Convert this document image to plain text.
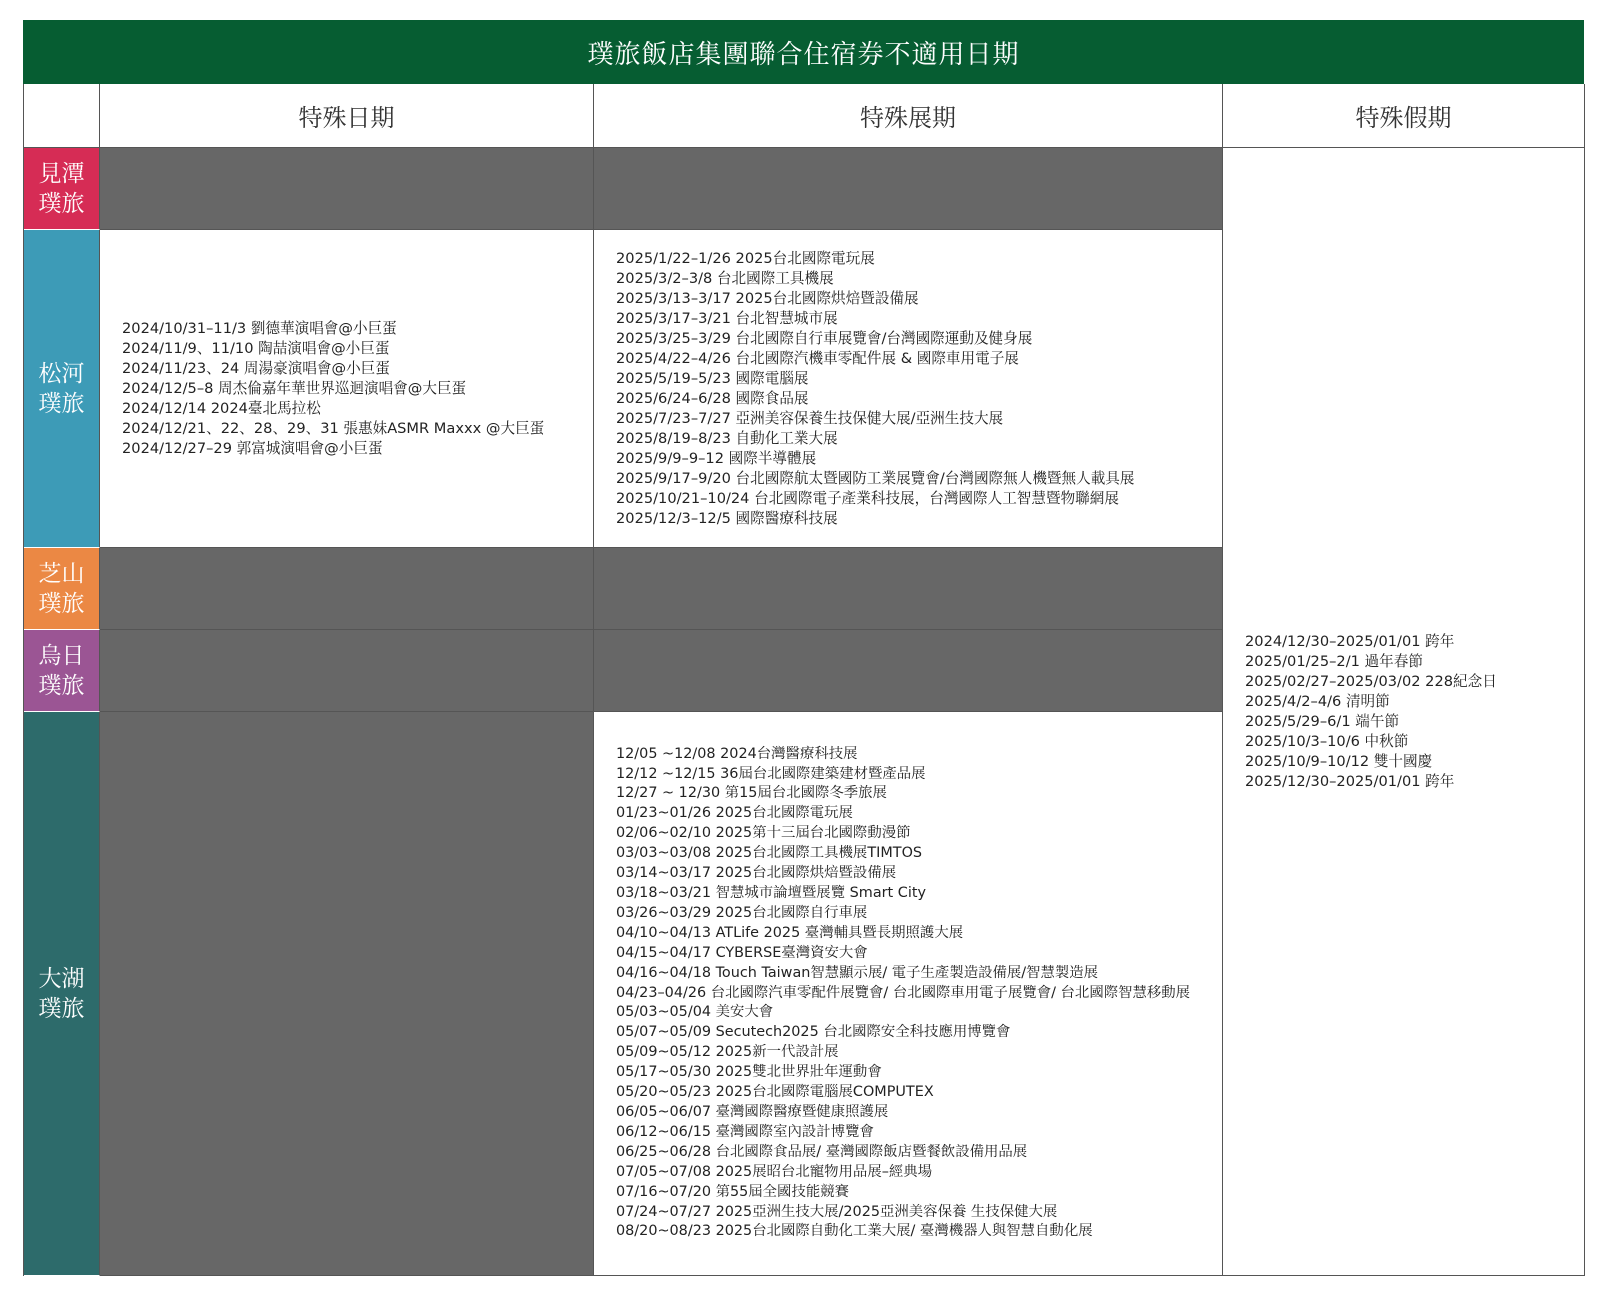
璞旅飯店集團聯合住宿券不適用日期
特殊日期	特殊展期	特殊假期
見潭
璞旅
松河
璞旅
2024/10/31–11/3 劉德華演唱會@小巨蛋
2024/11/9、11/10 陶喆演唱會@小巨蛋
2024/11/23、24 周湯豪演唱會@小巨蛋
2024/12/5–8 周杰倫嘉年華世界巡迴演唱會@大巨蛋
2024/12/14 2024臺北馬拉松
2024/12/21、22、28、29、31 張惠妹ASMR Maxxx @大巨蛋
2024/12/27–29 郭富城演唱會@小巨蛋
2025/1/22–1/26 2025台北國際電玩展
2025/3/2–3/8 台北國際工具機展
2025/3/13–3/17 2025台北國際烘焙暨設備展
2025/3/17–3/21 台北智慧城市展
2025/3/25–3/29 台北國際自行車展覽會/台灣國際運動及健身展
2025/4/22–4/26 台北國際汽機車零配件展 & 國際車用電子展
2025/5/19–5/23 國際電腦展
2025/6/24–6/28 國際食品展
2025/7/23–7/27 亞洲美容保養生技保健大展/亞洲生技大展
2025/8/19–8/23 自動化工業大展
2025/9/9–9–12 國際半導體展
2025/9/17–9/20 台北國際航太暨國防工業展覽會/台灣國際無人機暨無人載具展
2025/10/21–10/24 台北國際電子產業科技展，台灣國際人工智慧暨物聯網展
2025/12/3–12/5 國際醫療科技展
芝山
璞旅
烏日
璞旅
大湖
璞旅
12/05 ~12/08 2024台灣醫療科技展
12/12 ~12/15 36屆台北國際建築建材暨產品展
12/27 ~ 12/30 第15屆台北國際冬季旅展
01/23~01/26 2025台北國際電玩展
02/06~02/10 2025第十三屆台北國際動漫節
03/03~03/08 2025台北國際工具機展TIMTOS
03/14~03/17 2025台北國際烘焙暨設備展
03/18~03/21 智慧城市論壇暨展覽 Smart City
03/26~03/29 2025台北國際自行車展
04/10~04/13 ATLife 2025 臺灣輔具暨長期照護大展
04/15~04/17 CYBERSE臺灣資安大會
04/16~04/18 Touch Taiwan智慧顯示展/ 電子生產製造設備展/智慧製造展
04/23–04/26 台北國際汽車零配件展覽會/ 台北國際車用電子展覽會/ 台北國際智慧移動展
05/03~05/04 美安大會
05/07~05/09 Secutech2025 台北國際安全科技應用博覽會
05/09~05/12 2025新一代設計展
05/17~05/30 2025雙北世界壯年運動會
05/20~05/23 2025台北國際電腦展COMPUTEX
06/05~06/07 臺灣國際醫療暨健康照護展
06/12~06/15 臺灣國際室內設計博覽會
06/25~06/28 台北國際食品展/ 臺灣國際飯店暨餐飲設備用品展
07/05~07/08 2025展昭台北寵物用品展–經典場
07/16~07/20 第55屆全國技能競賽
07/24~07/27 2025亞洲生技大展/2025亞洲美容保養 生技保健大展
08/20~08/23 2025台北國際自動化工業大展/ 臺灣機器人與智慧自動化展
2024/12/30–2025/01/01 跨年
2025/01/25–2/1 過年春節
2025/02/27–2025/03/02 228紀念日
2025/4/2–4/6 清明節
2025/5/29–6/1 端午節
2025/10/3–10/6 中秋節
2025/10/9–10/12 雙十國慶
2025/12/30–2025/01/01 跨年
